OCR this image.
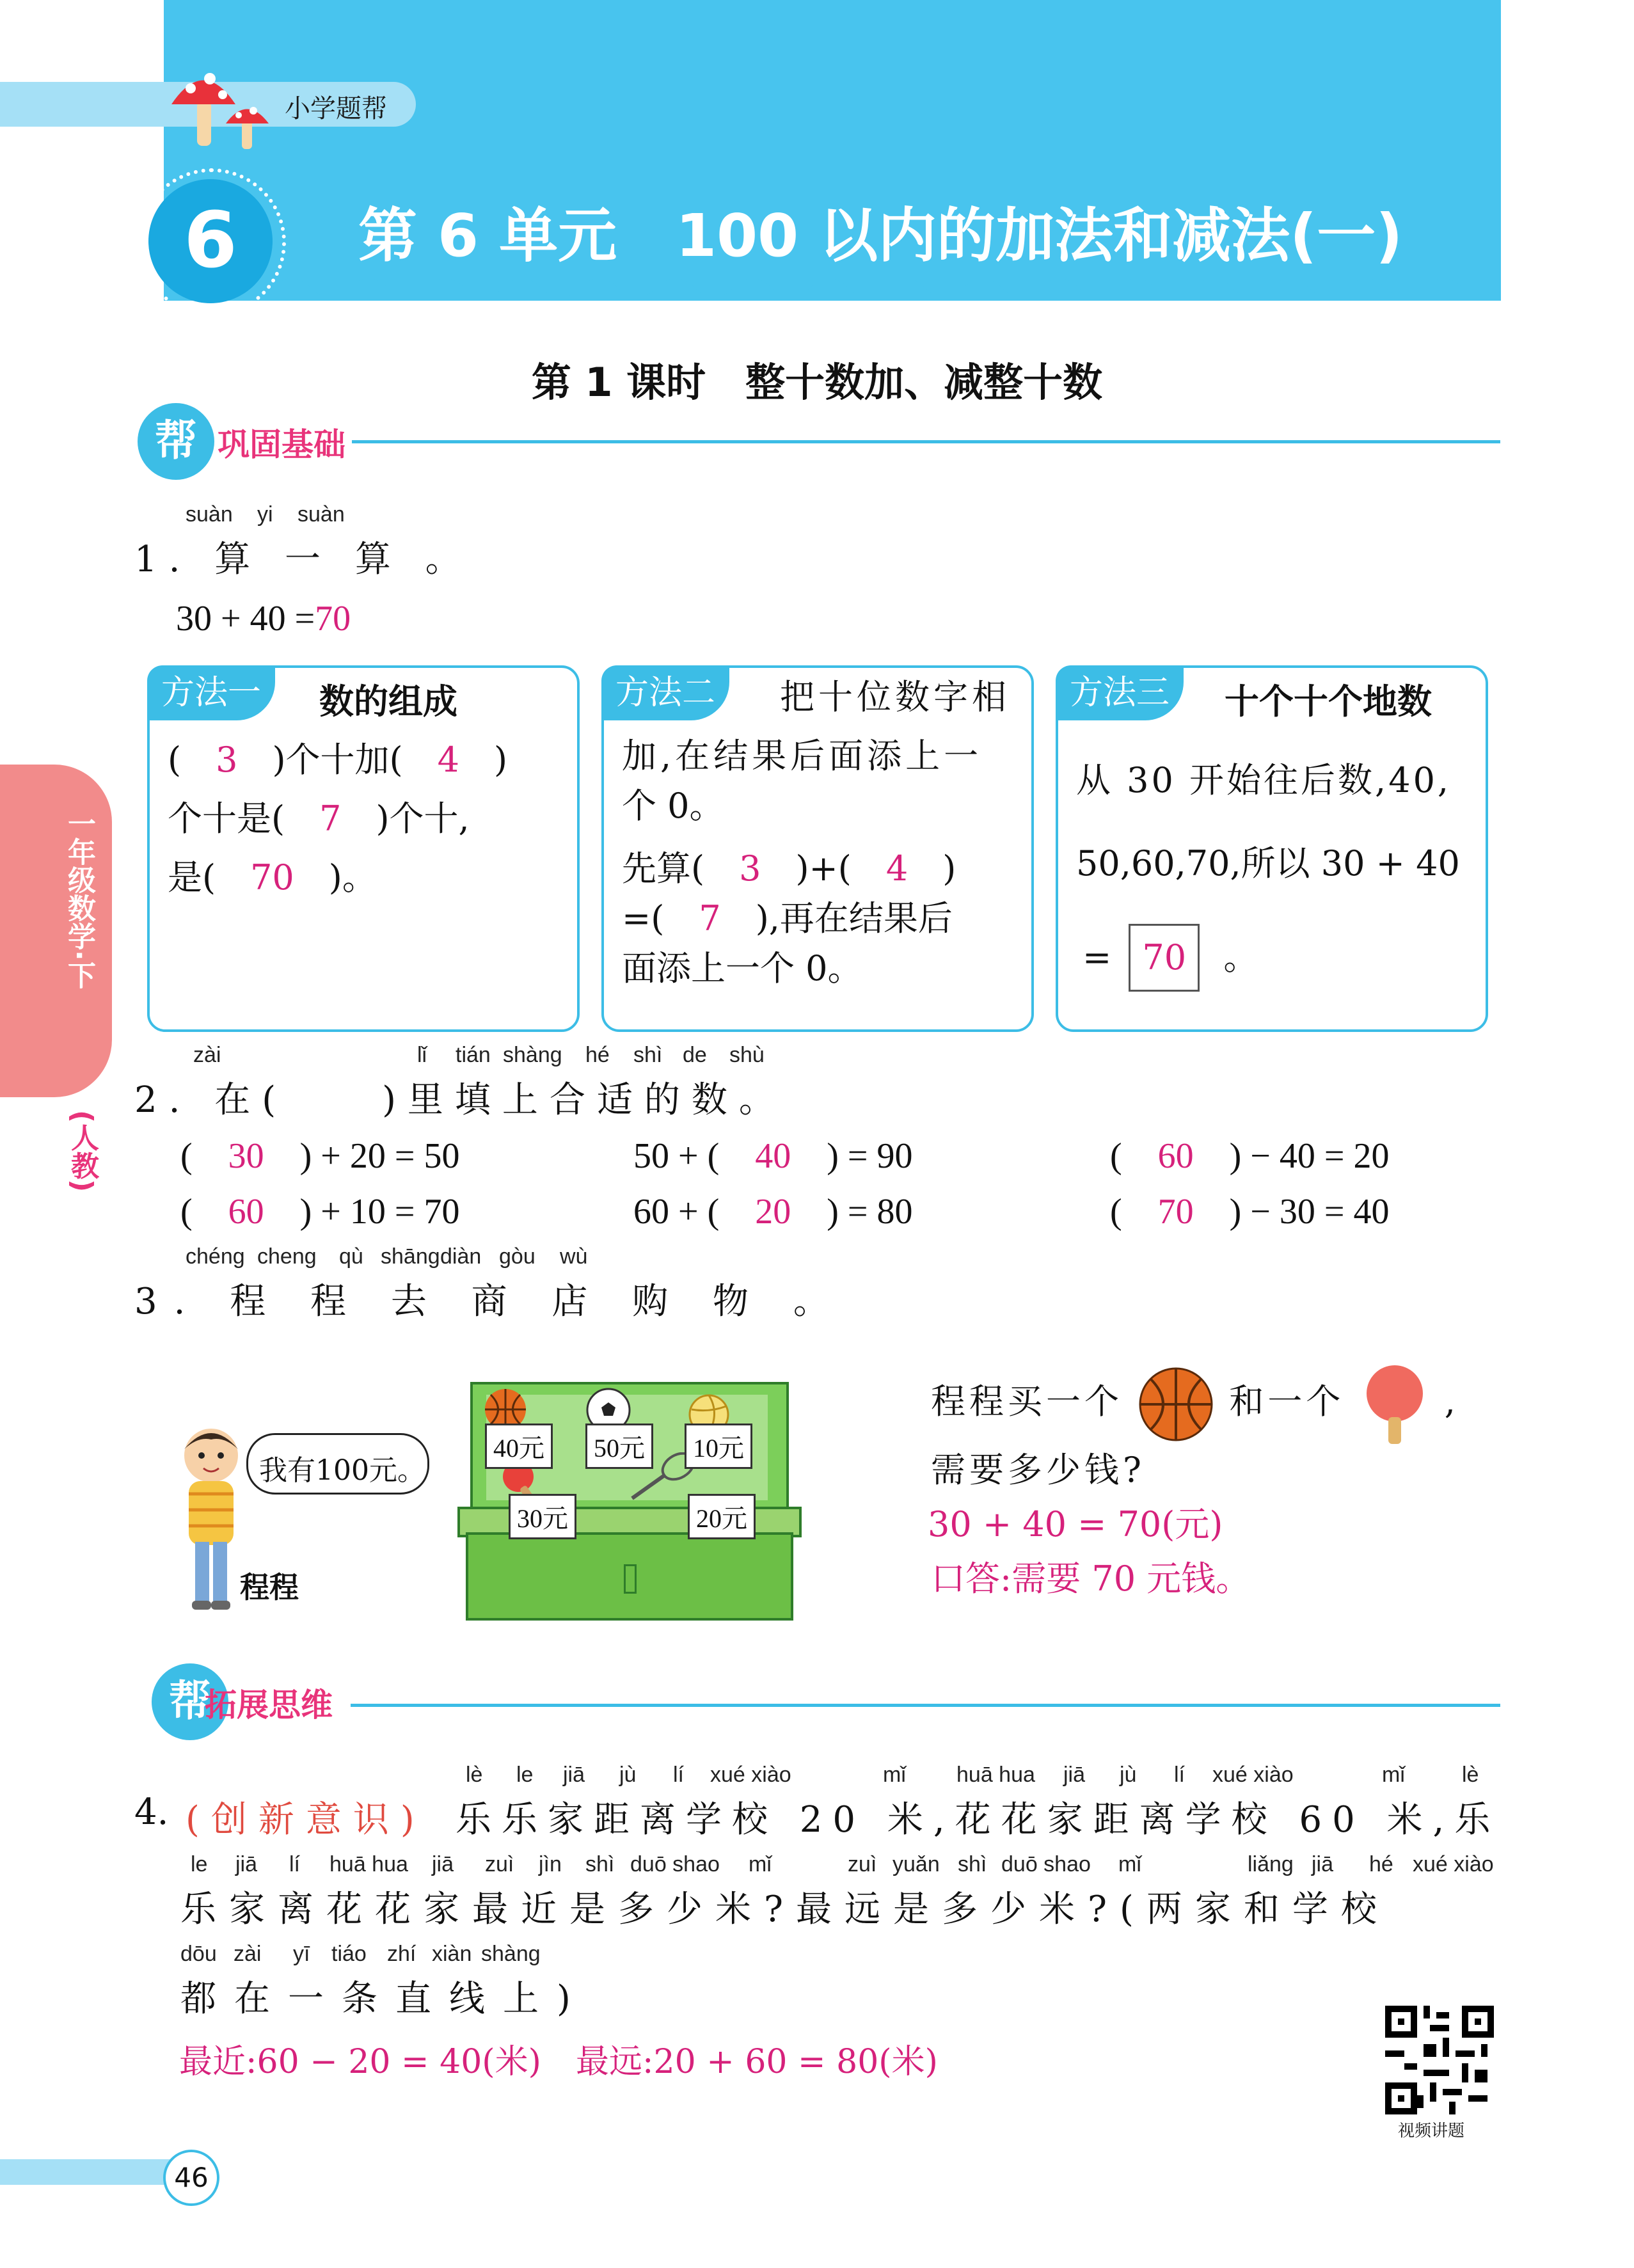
小学题帮
6	第 6 单元　100 以内的加法和减法(一)
一年级数学·下
(人教)
第 1 课时　整十数加、减整十数
帮 巩固基础
suàn yi suàn
1. 算 一 算 。
30 + 40 =70
方法一	数的组成
(  3  )个十加(  4  )
个十是(  7  )个十,
是(  70  )。
方法二	把十位数字相
加,在结果后面添上一
个 0。
先算(  3  )+(  4  )
=(  7  ),再在结果后
面添上一个 0。
方法三	十个十个地数
从 30 开始往后数,40,
50,60,70,所以 30 + 40
= 70 。
zài	lǐ tián shàng hé shì de shù
2. 在(　　)里填上合适的数。
(  30  ) + 20 = 50	50 + (  40  ) = 90	(  60  ) − 40 = 20
(  60  ) + 10 = 70	60 + (  20  ) = 80	(  70  ) − 30 = 40
chéng cheng qù shāng diàn gòu wù
3. 程 程 去 商 店 购 物 。
我有100元。
程程
40元	50元	10元
30元	20元
程程买一个	和一个	,
需要多少钱?
30 + 40 = 70(元)
口答:需要 70 元钱。
帮
拓展思维
lè le jiā jù lí xué xiào	mǐ huā hua jiā jù lí xué xiào	mǐ	lè
4. (创新意识) 乐乐家距离学校 20 米,花花家距离学校 60 米,乐
le jiā lí huā hua jiā zuì jìn shì duō shao mǐ	zuì yuǎn shì duō shao mǐ	liǎng jiā hé xué xiào
乐家离花花家最近是多少米?最远是多少米?(两家和学校
dōu zài yī tiáo zhí xiàn shàng
都在一条直线上)
最近:60 − 20 = 40(米) 最远:20 + 60 = 80(米)
视频讲题
46
